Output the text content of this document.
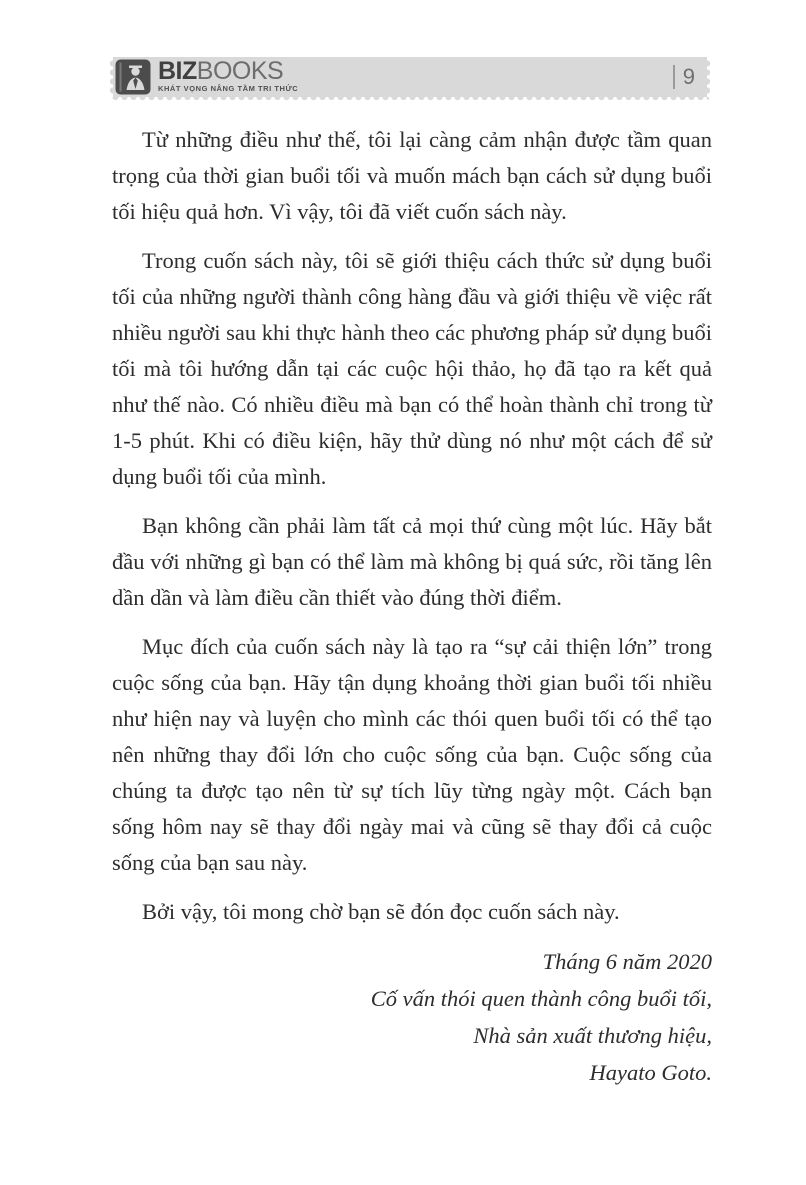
BIZBOOKS
KHÁT VỌNG NÂNG TẦM TRI THỨC	9

Từ những điều như thế, tôi lại càng cảm nhận được tầm quan trọng của thời gian buổi tối và muốn mách bạn cách sử dụng buổi tối hiệu quả hơn. Vì vậy, tôi đã viết cuốn sách này.

Trong cuốn sách này, tôi sẽ giới thiệu cách thức sử dụng buổi tối của những người thành công hàng đầu và giới thiệu về việc rất nhiều người sau khi thực hành theo các phương pháp sử dụng buổi tối mà tôi hướng dẫn tại các cuộc hội thảo, họ đã tạo ra kết quả như thế nào. Có nhiều điều mà bạn có thể hoàn thành chỉ trong từ 1-5 phút. Khi có điều kiện, hãy thử dùng nó như một cách để sử dụng buổi tối của mình.

Bạn không cần phải làm tất cả mọi thứ cùng một lúc. Hãy bắt đầu với những gì bạn có thể làm mà không bị quá sức, rồi tăng lên dần dần và làm điều cần thiết vào đúng thời điểm.

Mục đích của cuốn sách này là tạo ra “sự cải thiện lớn” trong cuộc sống của bạn. Hãy tận dụng khoảng thời gian buổi tối nhiều như hiện nay và luyện cho mình các thói quen buổi tối có thể tạo nên những thay đổi lớn cho cuộc sống của bạn. Cuộc sống của chúng ta được tạo nên từ sự tích lũy từng ngày một. Cách bạn sống hôm nay sẽ thay đổi ngày mai và cũng sẽ thay đổi cả cuộc sống của bạn sau này.

Bởi vậy, tôi mong chờ bạn sẽ đón đọc cuốn sách này.

Tháng 6 năm 2020
Cố vấn thói quen thành công buổi tối,
Nhà sản xuất thương hiệu,
Hayato Goto.
